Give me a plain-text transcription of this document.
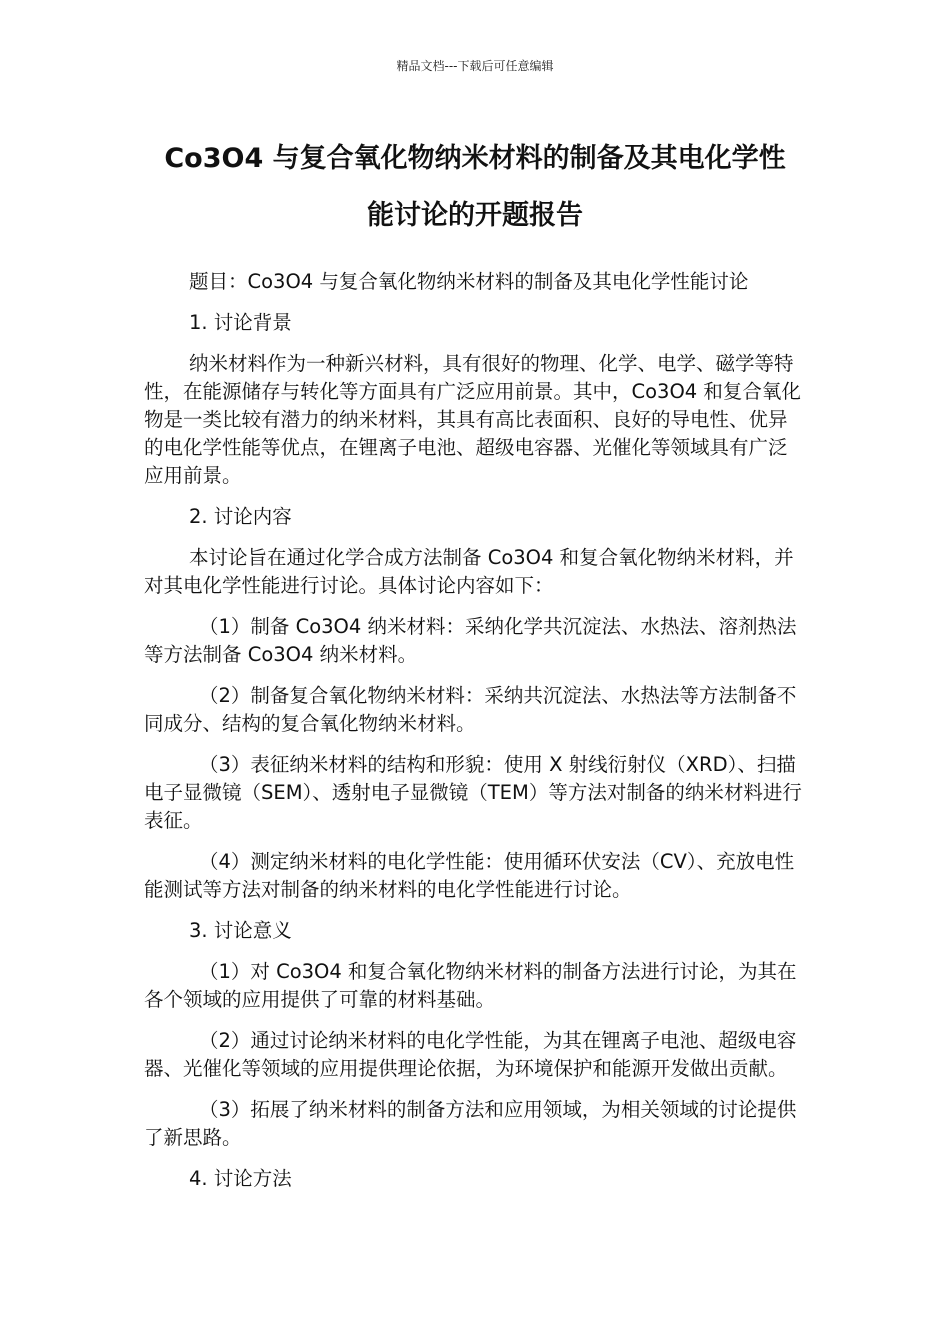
精品文档---下载后可任意编辑
Co3O4 与复合氧化物纳米材料的制备及其电化学性
能讨论的开题报告

题目：Co3O4 与复合氧化物纳米材料的制备及其电化学性能讨论

1. 讨论背景

纳米材料作为一种新兴材料，具有很好的物理、化学、电学、磁学等特性，在能源储存与转化等方面具有广泛应用前景。其中，Co3O4 和复合氧化物是一类比较有潜力的纳米材料，其具有高比表面积、良好的导电性、优异的电化学性能等优点，在锂离子电池、超级电容器、光催化等领域具有广泛应用前景。

2. 讨论内容

本讨论旨在通过化学合成方法制备 Co3O4 和复合氧化物纳米材料，并对其电化学性能进行讨论。具体讨论内容如下：

（1）制备 Co3O4 纳米材料：采纳化学共沉淀法、水热法、溶剂热法等方法制备 Co3O4 纳米材料。

（2）制备复合氧化物纳米材料：采纳共沉淀法、水热法等方法制备不同成分、结构的复合氧化物纳米材料。

（3）表征纳米材料的结构和形貌：使用 X 射线衍射仪（XRD）、扫描电子显微镜（SEM）、透射电子显微镜（TEM）等方法对制备的纳米材料进行表征。

（4）测定纳米材料的电化学性能：使用循环伏安法（CV）、充放电性能测试等方法对制备的纳米材料的电化学性能进行讨论。

3. 讨论意义

（1）对 Co3O4 和复合氧化物纳米材料的制备方法进行讨论，为其在各个领域的应用提供了可靠的材料基础。

（2）通过讨论纳米材料的电化学性能，为其在锂离子电池、超级电容器、光催化等领域的应用提供理论依据，为环境保护和能源开发做出贡献。

（3）拓展了纳米材料的制备方法和应用领域，为相关领域的讨论提供了新思路。

4. 讨论方法
